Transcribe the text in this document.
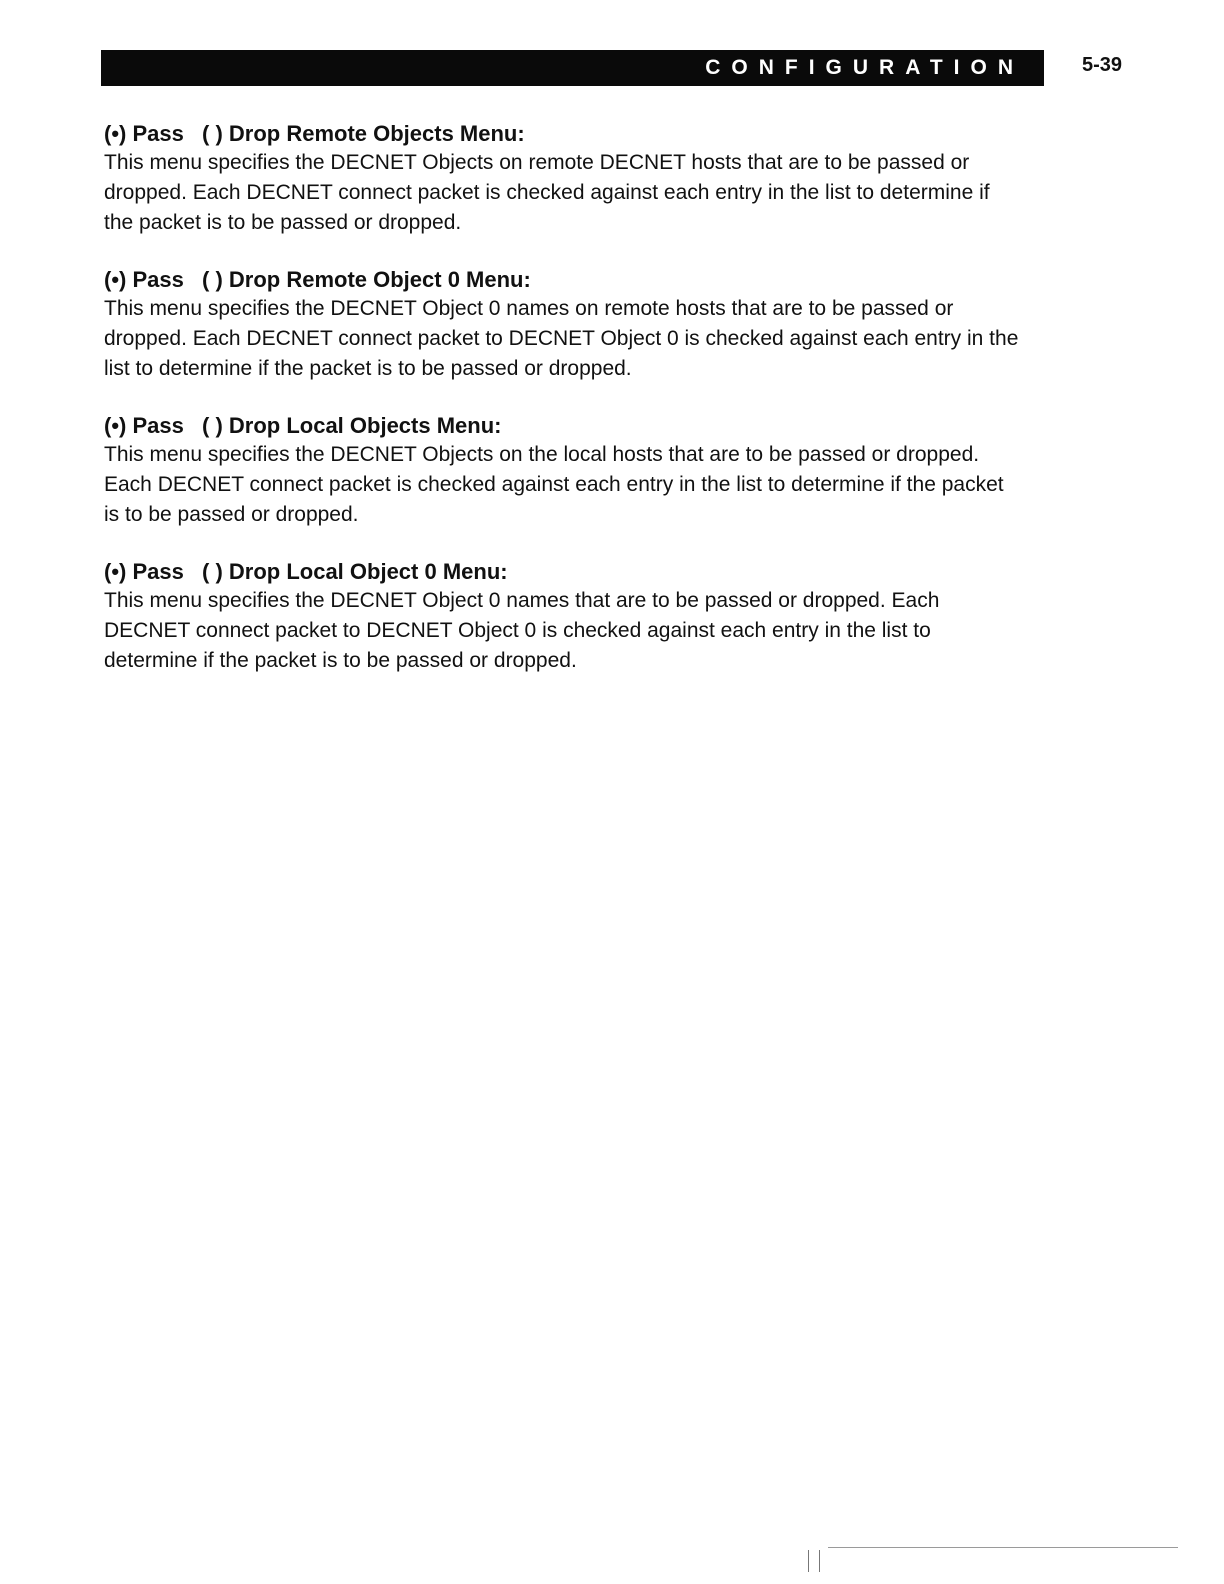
CONFIGURATION	5-39
(•) Pass ( ) Drop Remote Objects Menu:

This menu specifies the DECNET Objects on remote DECNET hosts that are to be passed or dropped. Each DECNET connect packet is checked against each entry in the list to determine if the packet is to be passed or dropped.

(•) Pass ( ) Drop Remote Object 0 Menu:

This menu specifies the DECNET Object 0 names on remote hosts that are to be passed or dropped. Each DECNET connect packet to DECNET Object 0 is checked against each entry in the list to determine if the packet is to be passed or dropped.

(•) Pass ( ) Drop Local Objects Menu:

This menu specifies the DECNET Objects on the local hosts that are to be passed or dropped. Each DECNET connect packet is checked against each entry in the list to determine if the packet is to be passed or dropped.

(•) Pass ( ) Drop Local Object 0 Menu:

This menu specifies the DECNET Object 0 names that are to be passed or dropped. Each DECNET connect packet to DECNET Object 0 is checked against each entry in the list to determine if the packet is to be passed or dropped.
